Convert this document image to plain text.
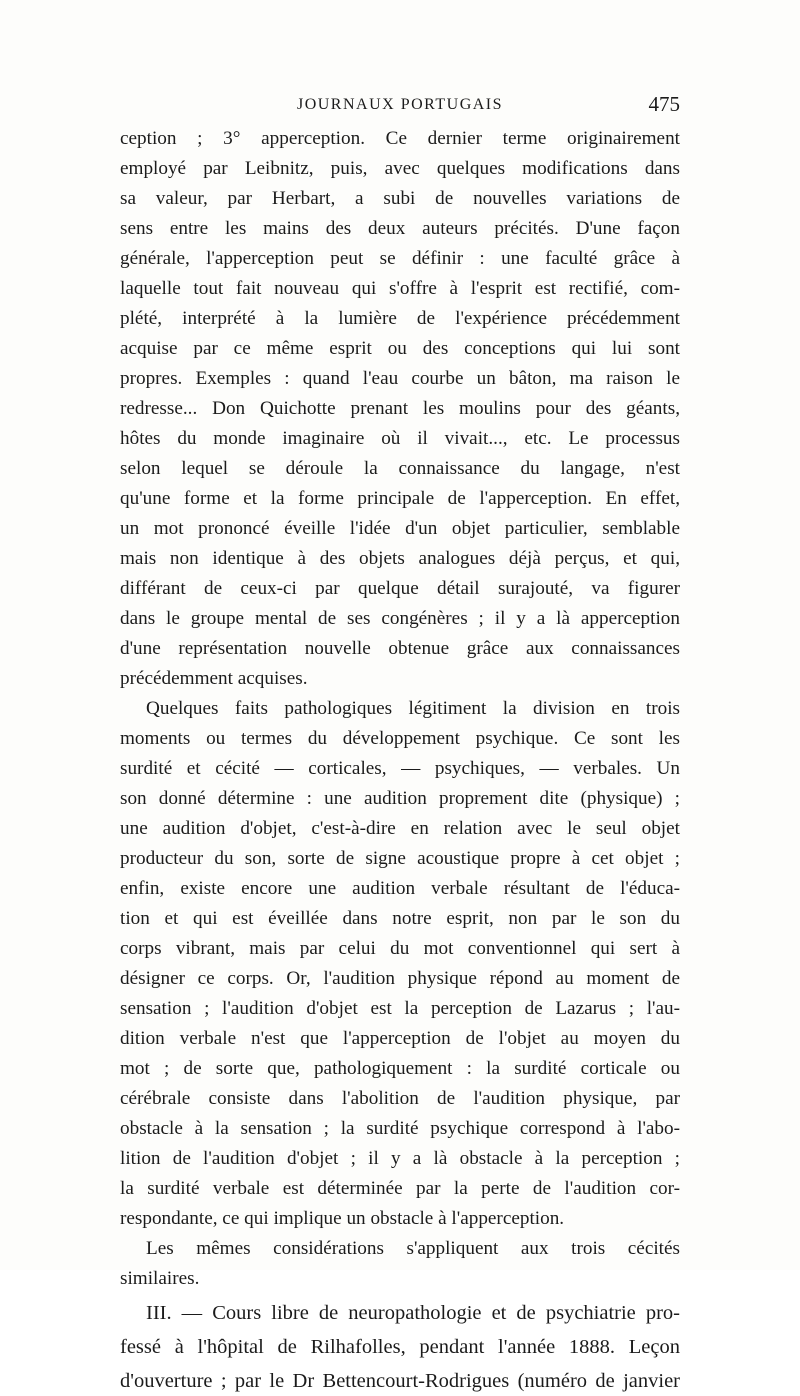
JOURNAUX PORTUGAIS	475
ception ; 3° apperception. Ce dernier terme originairement
employé par Leibnitz, puis, avec quelques modifications dans
sa valeur, par Herbart, a subi de nouvelles variations de
sens entre les mains des deux auteurs précités. D'une façon
générale, l'apperception peut se définir : une faculté grâce à
laquelle tout fait nouveau qui s'offre à l'esprit est rectifié, com-
plété, interprété à la lumière de l'expérience précédemment
acquise par ce même esprit ou des conceptions qui lui sont
propres. Exemples : quand l'eau courbe un bâton, ma raison le
redresse... Don Quichotte prenant les moulins pour des géants,
hôtes du monde imaginaire où il vivait..., etc. Le processus
selon lequel se déroule la connaissance du langage, n'est
qu'une forme et la forme principale de l'apperception. En effet,
un mot prononcé éveille l'idée d'un objet particulier, semblable
mais non identique à des objets analogues déjà perçus, et qui,
différant de ceux-ci par quelque détail surajouté, va figurer
dans le groupe mental de ses congénères ; il y a là apperception
d'une représentation nouvelle obtenue grâce aux connaissances
précédemment acquises.
Quelques faits pathologiques légitiment la division en trois
moments ou termes du développement psychique. Ce sont les
surdité et cécité — corticales, — psychiques, — verbales. Un
son donné détermine : une audition proprement dite (physique) ;
une audition d'objet, c'est-à-dire en relation avec le seul objet
producteur du son, sorte de signe acoustique propre à cet objet ;
enfin, existe encore une audition verbale résultant de l'éduca-
tion et qui est éveillée dans notre esprit, non par le son du
corps vibrant, mais par celui du mot conventionnel qui sert à
désigner ce corps. Or, l'audition physique répond au moment de
sensation ; l'audition d'objet est la perception de Lazarus ; l'au-
dition verbale n'est que l'apperception de l'objet au moyen du
mot ; de sorte que, pathologiquement : la surdité corticale ou
cérébrale consiste dans l'abolition de l'audition physique, par
obstacle à la sensation ; la surdité psychique correspond à l'abo-
lition de l'audition d'objet ; il y a là obstacle à la perception ;
la surdité verbale est déterminée par la perte de l'audition cor-
respondante, ce qui implique un obstacle à l'apperception.
Les mêmes considérations s'appliquent aux trois cécités
similaires.
III. — Cours libre de neuropathologie et de psychiatrie pro-
fessé à l'hôpital de Rilhafolles, pendant l'année 1888. Leçon
d'ouverture ; par le Dr Bettencourt-Rodrigues (numéro de janvier
